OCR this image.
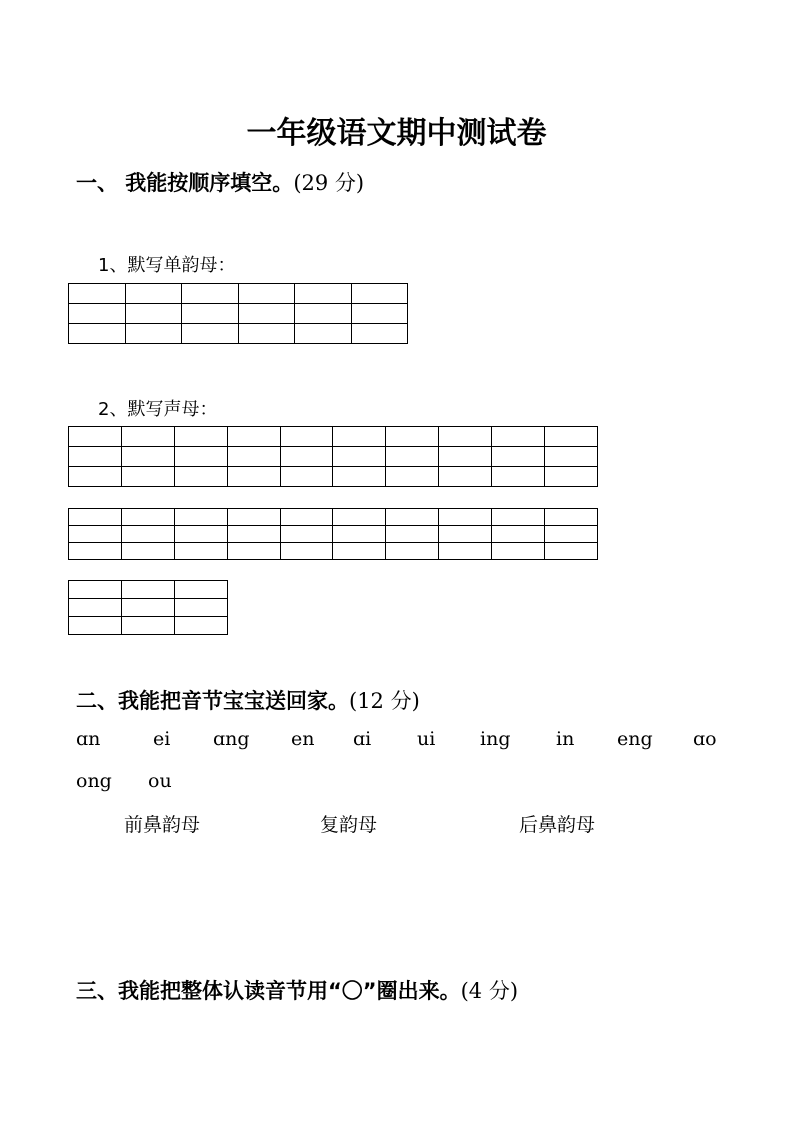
一年级语文期中测试卷
一、 我能按顺序填空。(29 分)
1、默写单韵母：
2、默写声母：

二、我能把音节宝宝送回家。(12 分)
ɑn	ei ɑng en ɑi ui ing in eng ɑo
ong ou
前鼻韵母	复韵母	后鼻韵母
三、我能把整体认读音节用“〇”圈出来。(4 分)
